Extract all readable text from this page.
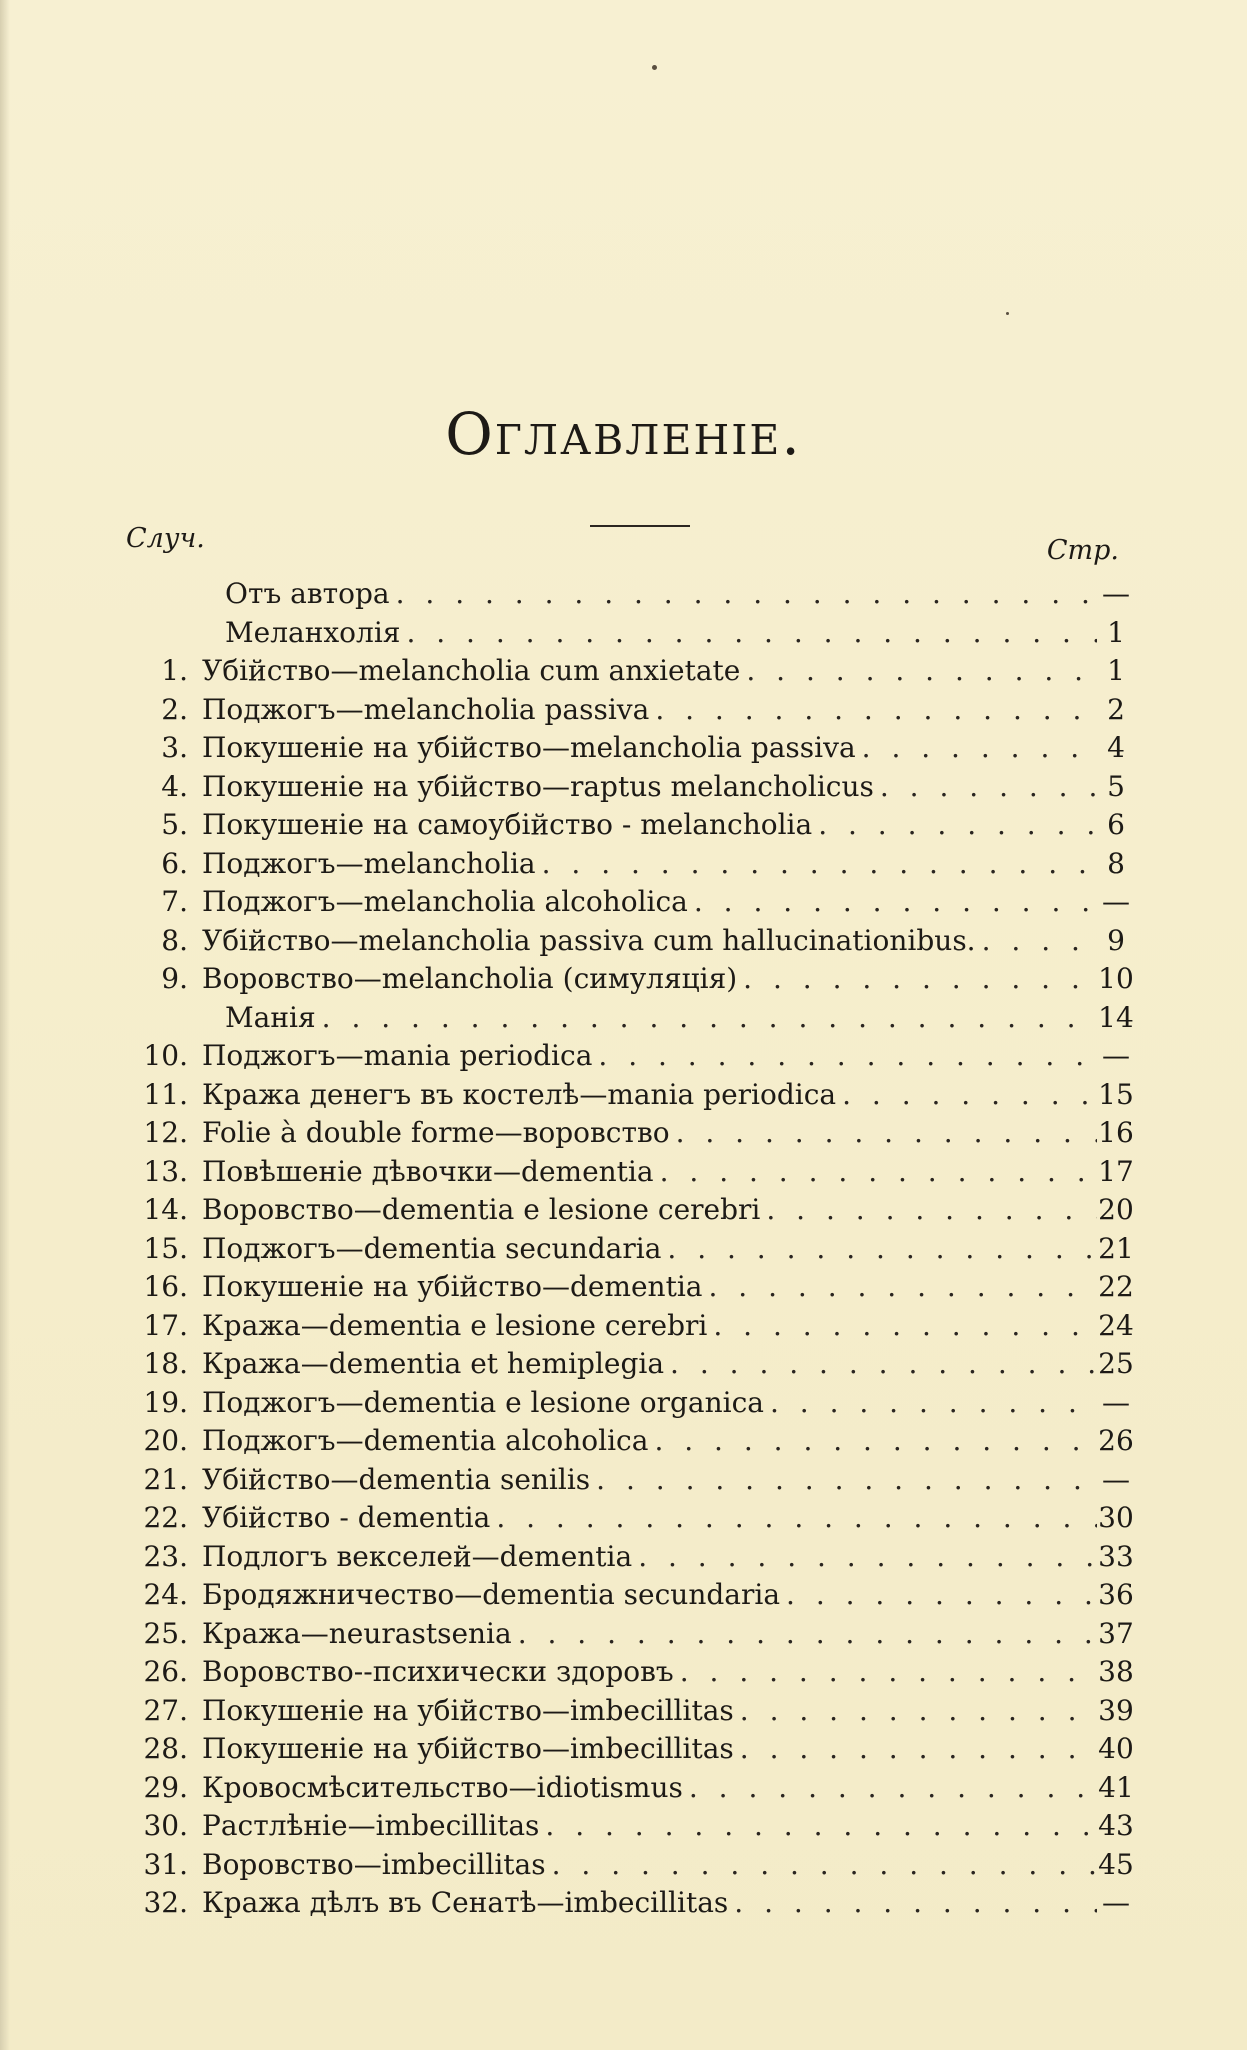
Оглавленіе.
Случ.	Стр.
Отъ автора . . .	—
Меланхолія . . .	1
1. Убійство—melancholia cum anxietate . . .	1
2. Поджогъ—melancholia passiva . . .	2
3. Покушеніе на убійство—melancholia passiva . . .	4
4. Покушеніе на убійство—raptus melancholicus . . .	5
5. Покушеніе на самоубійство - melancholia . . .	6
6. Поджогъ—melancholia . . .	8
7. Поджогъ—melancholia alcoholica . . .	—
8. Убійство—melancholia passiva cum hallucinationibus. . . .	9
9. Воровство—melancholia (симуляція) . . .	10
Манія . . .	14
10. Поджогъ—mania periodica . . .	—
11. Кража денегъ въ костелѣ—mania periodica . . .	15
12. Folie à double forme—воровство . . .	16
13. Повѣшеніе дѣвочки—dementia . . .	17
14. Воровство—dementia e lesione cerebri . . .	20
15. Поджогъ—dementia secundaria . . .	21
16. Покушеніе на убійство—dementia . . .	22
17. Кража—dementia e lesione cerebri . . .	24
18. Кража—dementia et hemiplegia . . .	25
19. Поджогъ—dementia e lesione organica . . .	—
20. Поджогъ—dementia alcoholica . . .	26
21. Убійство—dementia senilis . . .	—
22. Убійство - dementia . . .	30
23. Подлогъ векселей—dementia . . .	33
24. Бродяжничество—dementia secundaria . . .	36
25. Кража—neurastsenia . . .	37
26. Воровство--психически здоровъ . . .	38
27. Покушеніе на убійство—imbecillitas . . .	39
28. Покушеніе на убійство—imbecillitas . . .	40
29. Кровосмѣсительство—idiotismus . . .	41
30. Растлѣніе—imbecillitas . . .	43
31. Воровство—imbecillitas . . .	45
32. Кража дѣлъ въ Сенатѣ—imbecillitas . . .	—
